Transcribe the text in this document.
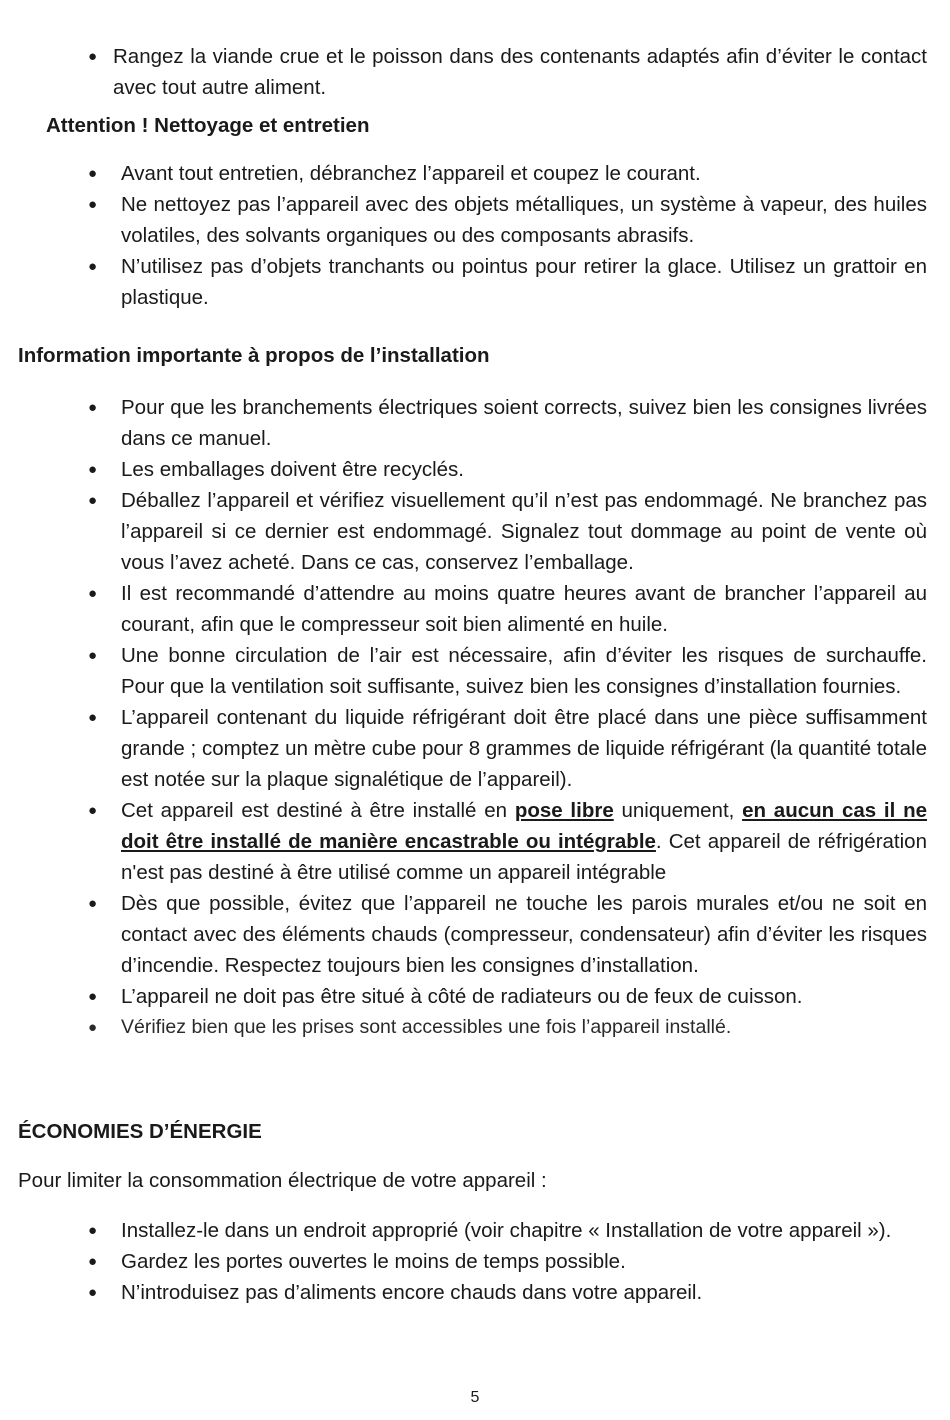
● Rangez la viande crue et le poisson dans des contenants adaptés afin d’éviter le contact avec tout autre aliment.
Attention ! Nettoyage et entretien
● Avant tout entretien, débranchez l’appareil et coupez le courant.
● Ne nettoyez pas l’appareil avec des objets métalliques, un système à vapeur, des huiles volatiles, des solvants organiques ou des composants abrasifs.
● N’utilisez pas d’objets tranchants ou pointus pour retirer la glace. Utilisez un grattoir en plastique.
Information importante à propos de l’installation
● Pour que les branchements électriques soient corrects, suivez bien les consignes livrées dans ce manuel.
● Les emballages doivent être recyclés.
● Déballez l’appareil et vérifiez visuellement qu’il n’est pas endommagé. Ne branchez pas l’appareil si ce dernier est endommagé. Signalez tout dommage au point de vente où vous l’avez acheté. Dans ce cas, conservez l’emballage.
● Il est recommandé d’attendre au moins quatre heures avant de brancher l’appareil au courant, afin que le compresseur soit bien alimenté en huile.
● Une bonne circulation de l’air est nécessaire, afin d’éviter les risques de surchauffe. Pour que la ventilation soit suffisante, suivez bien les consignes d’installation fournies.
● L’appareil contenant du liquide réfrigérant doit être placé dans une pièce suffisamment grande ; comptez un mètre cube pour 8 grammes de liquide réfrigérant (la quantité totale est notée sur la plaque signalétique de l’appareil).
● Cet appareil est destiné à être installé en pose libre uniquement, en aucun cas il ne doit être installé de manière encastrable ou intégrable. Cet appareil de réfrigération n'est pas destiné à être utilisé comme un appareil intégrable
● Dès que possible, évitez que l’appareil ne touche les parois murales et/ou ne soit en contact avec des éléments chauds (compresseur, condensateur) afin d’éviter les risques d’incendie. Respectez toujours bien les consignes d’installation.
● L’appareil ne doit pas être situé à côté de radiateurs ou de feux de cuisson.
● Vérifiez bien que les prises sont accessibles une fois l’appareil installé.
ÉCONOMIES D’ÉNERGIE
Pour limiter la consommation électrique de votre appareil :
● Installez-le dans un endroit approprié (voir chapitre « Installation de votre appareil »).
● Gardez les portes ouvertes le moins de temps possible.
● N’introduisez pas d’aliments encore chauds dans votre appareil.
5
